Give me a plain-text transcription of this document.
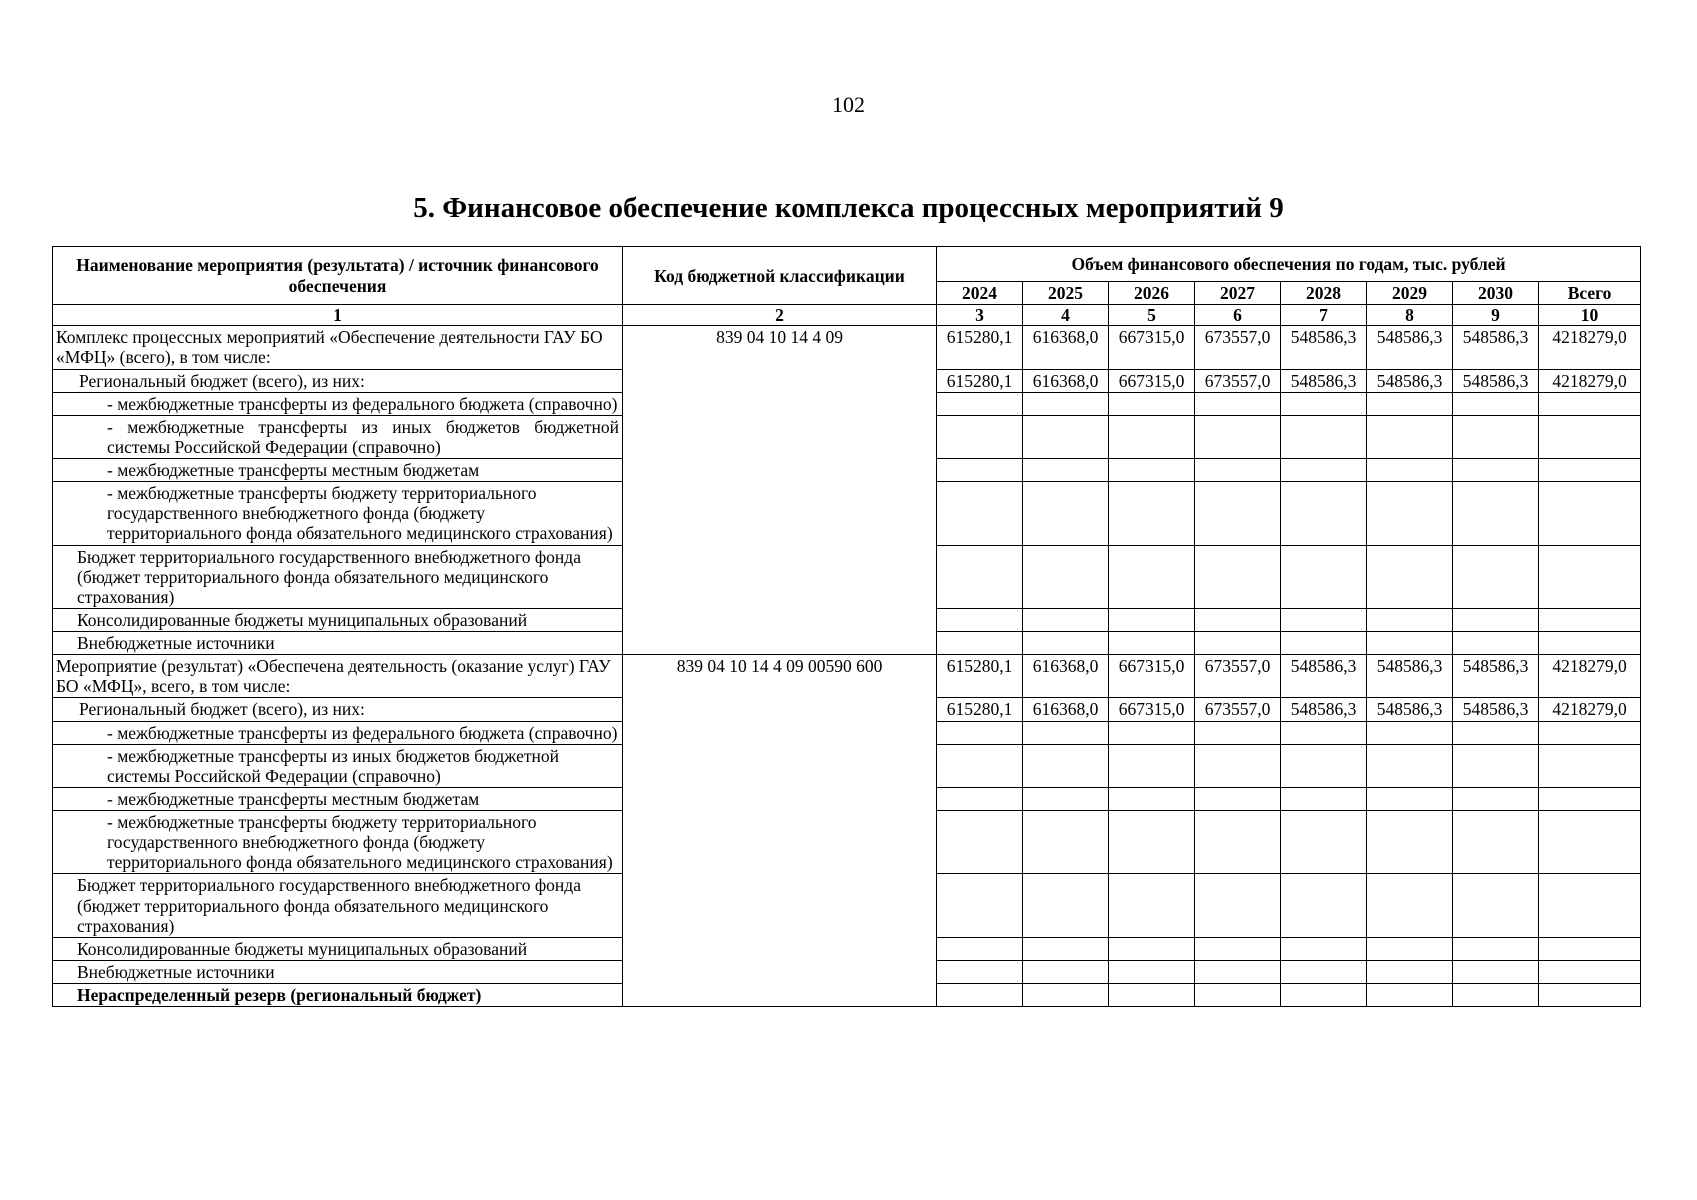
102
5. Финансовое обеспечение комплекса процессных мероприятий 9
Наименование мероприятия (результата) / источник финансового обеспечения	Код бюджетной классификации	Объем финансового обеспечения по годам, тыс. рублей								
		2024	2025	2026	2027	2028	2029	2030	Всего	
1	2	3	4	5	6	7	8	9	10	
Комплекс процессных мероприятий «Обеспечение деятельности ГАУ БО «МФЦ» (всего), в том числе:	839 04 10 14 4 09	615280,1	616368,0	667315,0	673557,0	548586,3	548586,3	548586,3	4218279,0	
Региональный бюджет (всего), из них:		615280,1	616368,0	667315,0	673557,0	548586,3	548586,3	548586,3	4218279,0	
- межбюджетные трансферты из федерального бюджета (справочно)										
- межбюджетные трансферты из иных бюджетов бюджетной системы Российской Федерации (справочно)										
- межбюджетные трансферты местным бюджетам										
- межбюджетные трансферты бюджету территориального государственного внебюджетного фонда (бюджету территориального фонда обязательного медицинского страхования)										
Бюджет территориального государственного внебюджетного фонда (бюджет территориального фонда обязательного медицинского страхования)										
Консолидированные бюджеты муниципальных образований										
Внебюджетные источники										
Мероприятие (результат) «Обеспечена деятельность (оказание услуг) ГАУ БО «МФЦ», всего, в том числе:	839 04 10 14 4 09 00590 600	615280,1	616368,0	667315,0	673557,0	548586,3	548586,3	548586,3	4218279,0	
Региональный бюджет (всего), из них:		615280,1	616368,0	667315,0	673557,0	548586,3	548586,3	548586,3	4218279,0	
- межбюджетные трансферты из федерального бюджета (справочно)										
- межбюджетные трансферты из иных бюджетов бюджетной системы Российской Федерации (справочно)										
- межбюджетные трансферты местным бюджетам										
- межбюджетные трансферты бюджету территориального государственного внебюджетного фонда (бюджету территориального фонда обязательного медицинского страхования)										
Бюджет территориального государственного внебюджетного фонда (бюджет территориального фонда обязательного медицинского страхования)										
Консолидированные бюджеты муниципальных образований										
Внебюджетные источники										
Нераспределенный резерв (региональный бюджет)										
